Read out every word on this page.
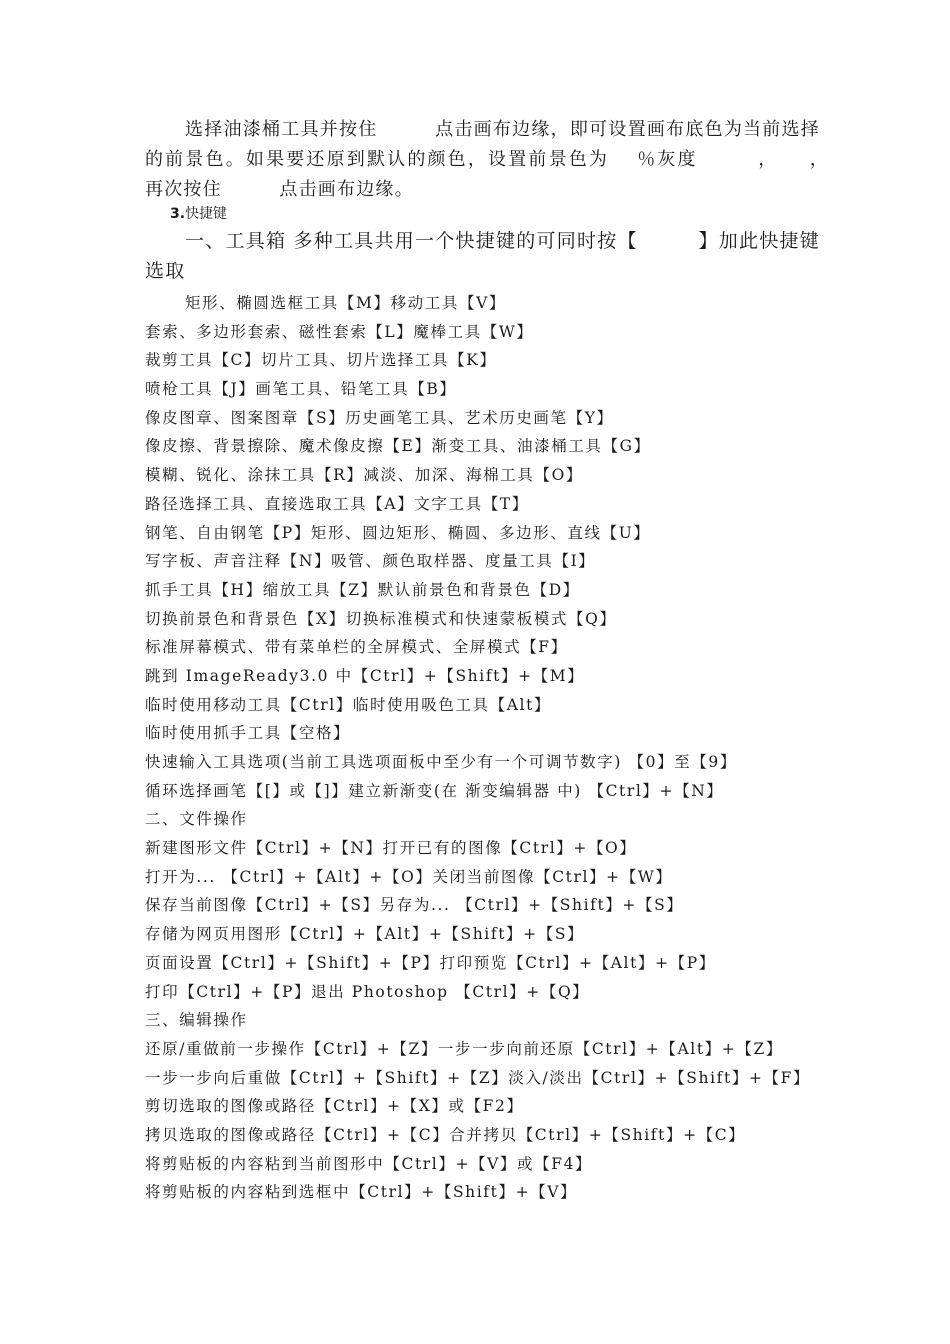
选择油漆桶工具并按住　　　点击画布边缘，即可设置画布底色为当前选择的前景色。如果要还原到默认的颜色，设置前景色为　 ％灰度　　　，　　，　　　再次按住　　　点击画布边缘。

3.快捷键

一、工具箱 多种工具共用一个快捷键的可同时按【　　　】加此快捷键选取

矩形、椭圆选框工具【M】移动工具【V】
套索、多边形套索、磁性套索【L】魔棒工具【W】
裁剪工具【C】切片工具、切片选择工具【K】
喷枪工具【J】画笔工具、铅笔工具【B】
像皮图章、图案图章【S】历史画笔工具、艺术历史画笔【Y】
像皮擦、背景擦除、魔术像皮擦【E】渐变工具、油漆桶工具【G】
模糊、锐化、涂抹工具【R】减淡、加深、海棉工具【O】
路径选择工具、直接选取工具【A】文字工具【T】
钢笔、自由钢笔【P】矩形、圆边矩形、椭圆、多边形、直线【U】
写字板、声音注释【N】吸管、颜色取样器、度量工具【I】
抓手工具【H】缩放工具【Z】默认前景色和背景色【D】
切换前景色和背景色【X】切换标准模式和快速蒙板模式【Q】
标准屏幕模式、带有菜单栏的全屏模式、全屏模式【F】
跳到 ImageReady3.0 中【Ctrl】+【Shift】+【M】
临时使用移动工具【Ctrl】临时使用吸色工具【Alt】
临时使用抓手工具【空格】
快速输入工具选项(当前工具选项面板中至少有一个可调节数字) 【0】至【9】
循环选择画笔【[】或【]】建立新渐变(在 渐变编辑器 中) 【Ctrl】+【N】
二、文件操作
新建图形文件【Ctrl】+【N】打开已有的图像【Ctrl】+【O】
打开为... 【Ctrl】+【Alt】+【O】关闭当前图像【Ctrl】+【W】
保存当前图像【Ctrl】+【S】另存为... 【Ctrl】+【Shift】+【S】
存储为网页用图形【Ctrl】+【Alt】+【Shift】+【S】
页面设置【Ctrl】+【Shift】+【P】打印预览【Ctrl】+【Alt】+【P】
打印【Ctrl】+【P】退出 Photoshop 【Ctrl】+【Q】
三、编辑操作
还原/重做前一步操作【Ctrl】+【Z】一步一步向前还原【Ctrl】+【Alt】+【Z】
一步一步向后重做【Ctrl】+【Shift】+【Z】淡入/淡出【Ctrl】+【Shift】+【F】
剪切选取的图像或路径【Ctrl】+【X】或【F2】
拷贝选取的图像或路径【Ctrl】+【C】合并拷贝【Ctrl】+【Shift】+【C】
将剪贴板的内容粘到当前图形中【Ctrl】+【V】或【F4】
将剪贴板的内容粘到选框中【Ctrl】+【Shift】+【V】
